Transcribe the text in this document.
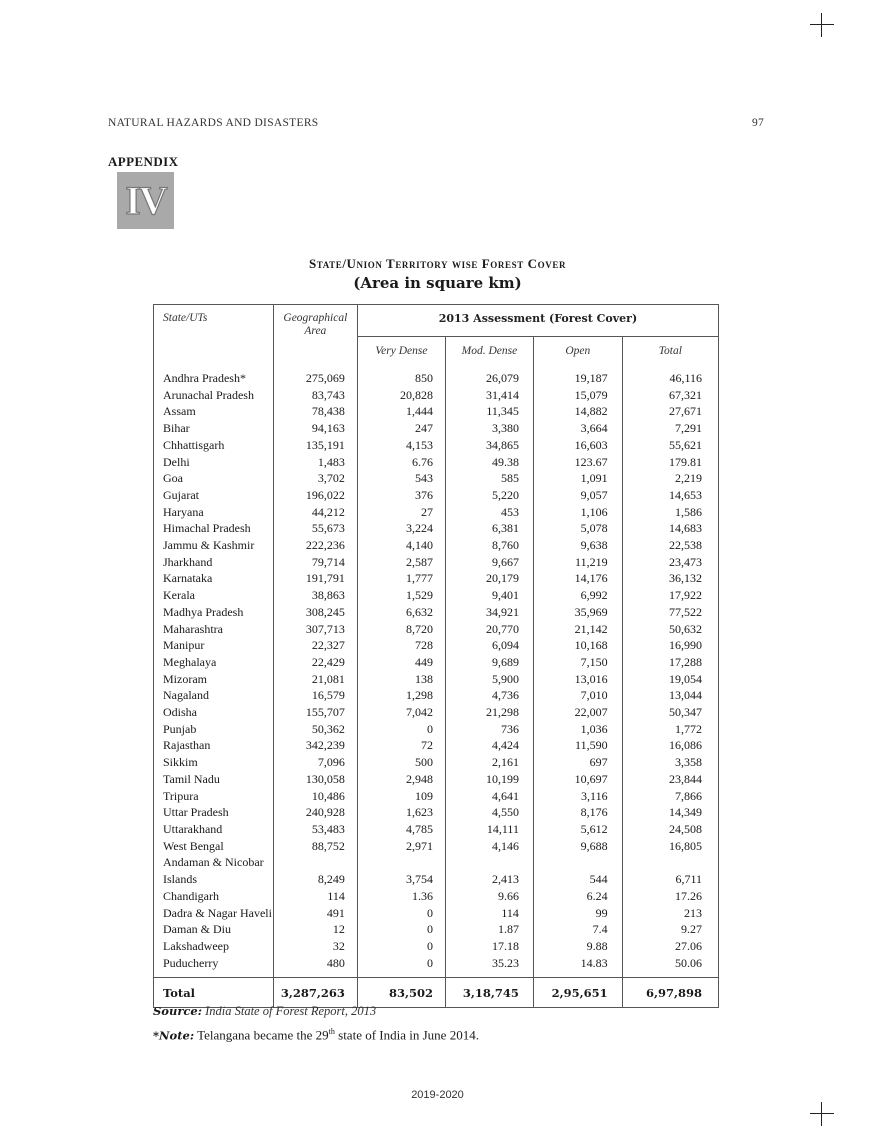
NATURAL HAZARDS AND DISASTERS	97
APPENDIX
IV
State/Union Territory wise Forest Cover
(Area in square km)
State/UTs	Geographical Area	2013 Assessment (Forest Cover)			
		Very Dense	Mod. Dense	Open	Total

Andhra Pradesh*	275,069	850	26,079	19,187	46,116
Arunachal Pradesh	83,743	20,828	31,414	15,079	67,321
Assam	78,438	1,444	11,345	14,882	27,671
Bihar	94,163	247	3,380	3,664	7,291
Chhattisgarh	135,191	4,153	34,865	16,603	55,621
Delhi	1,483	6.76	49.38	123.67	179.81
Goa	3,702	543	585	1,091	2,219
Gujarat	196,022	376	5,220	9,057	14,653
Haryana	44,212	27	453	1,106	1,586
Himachal Pradesh	55,673	3,224	6,381	5,078	14,683
Jammu & Kashmir	222,236	4,140	8,760	9,638	22,538
Jharkhand	79,714	2,587	9,667	11,219	23,473
Karnataka	191,791	1,777	20,179	14,176	36,132
Kerala	38,863	1,529	9,401	6,992	17,922
Madhya Pradesh	308,245	6,632	34,921	35,969	77,522
Maharashtra	307,713	8,720	20,770	21,142	50,632
Manipur	22,327	728	6,094	10,168	16,990
Meghalaya	22,429	449	9,689	7,150	17,288
Mizoram	21,081	138	5,900	13,016	19,054
Nagaland	16,579	1,298	4,736	7,010	13,044
Odisha	155,707	7,042	21,298	22,007	50,347
Punjab	50,362	0	736	1,036	1,772
Rajasthan	342,239	72	4,424	11,590	16,086
Sikkim	7,096	500	2,161	697	3,358
Tamil Nadu	130,058	2,948	10,199	10,697	23,844
Tripura	10,486	109	4,641	3,116	7,866
Uttar Pradesh	240,928	1,623	4,550	8,176	14,349
Uttarakhand	53,483	4,785	14,111	5,612	24,508
West Bengal	88,752	2,971	4,146	9,688	16,805
Andaman & Nicobar					
Islands	8,249	3,754	2,413	544	6,711
Chandigarh	114	1.36	9.66	6.24	17.26
Dadra & Nagar Haveli	491	0	114	99	213
Daman & Diu	12	0	1.87	7.4	9.27
Lakshadweep	32	0	17.18	9.88	27.06
Puducherry	480	0	35.23	14.83	50.06

Total	3,287,263	83,502	3,18,745	2,95,651	6,97,898
Source: India State of Forest Report, 2013
*Note: Telangana became the 29th state of India in June 2014.
2019-2020
